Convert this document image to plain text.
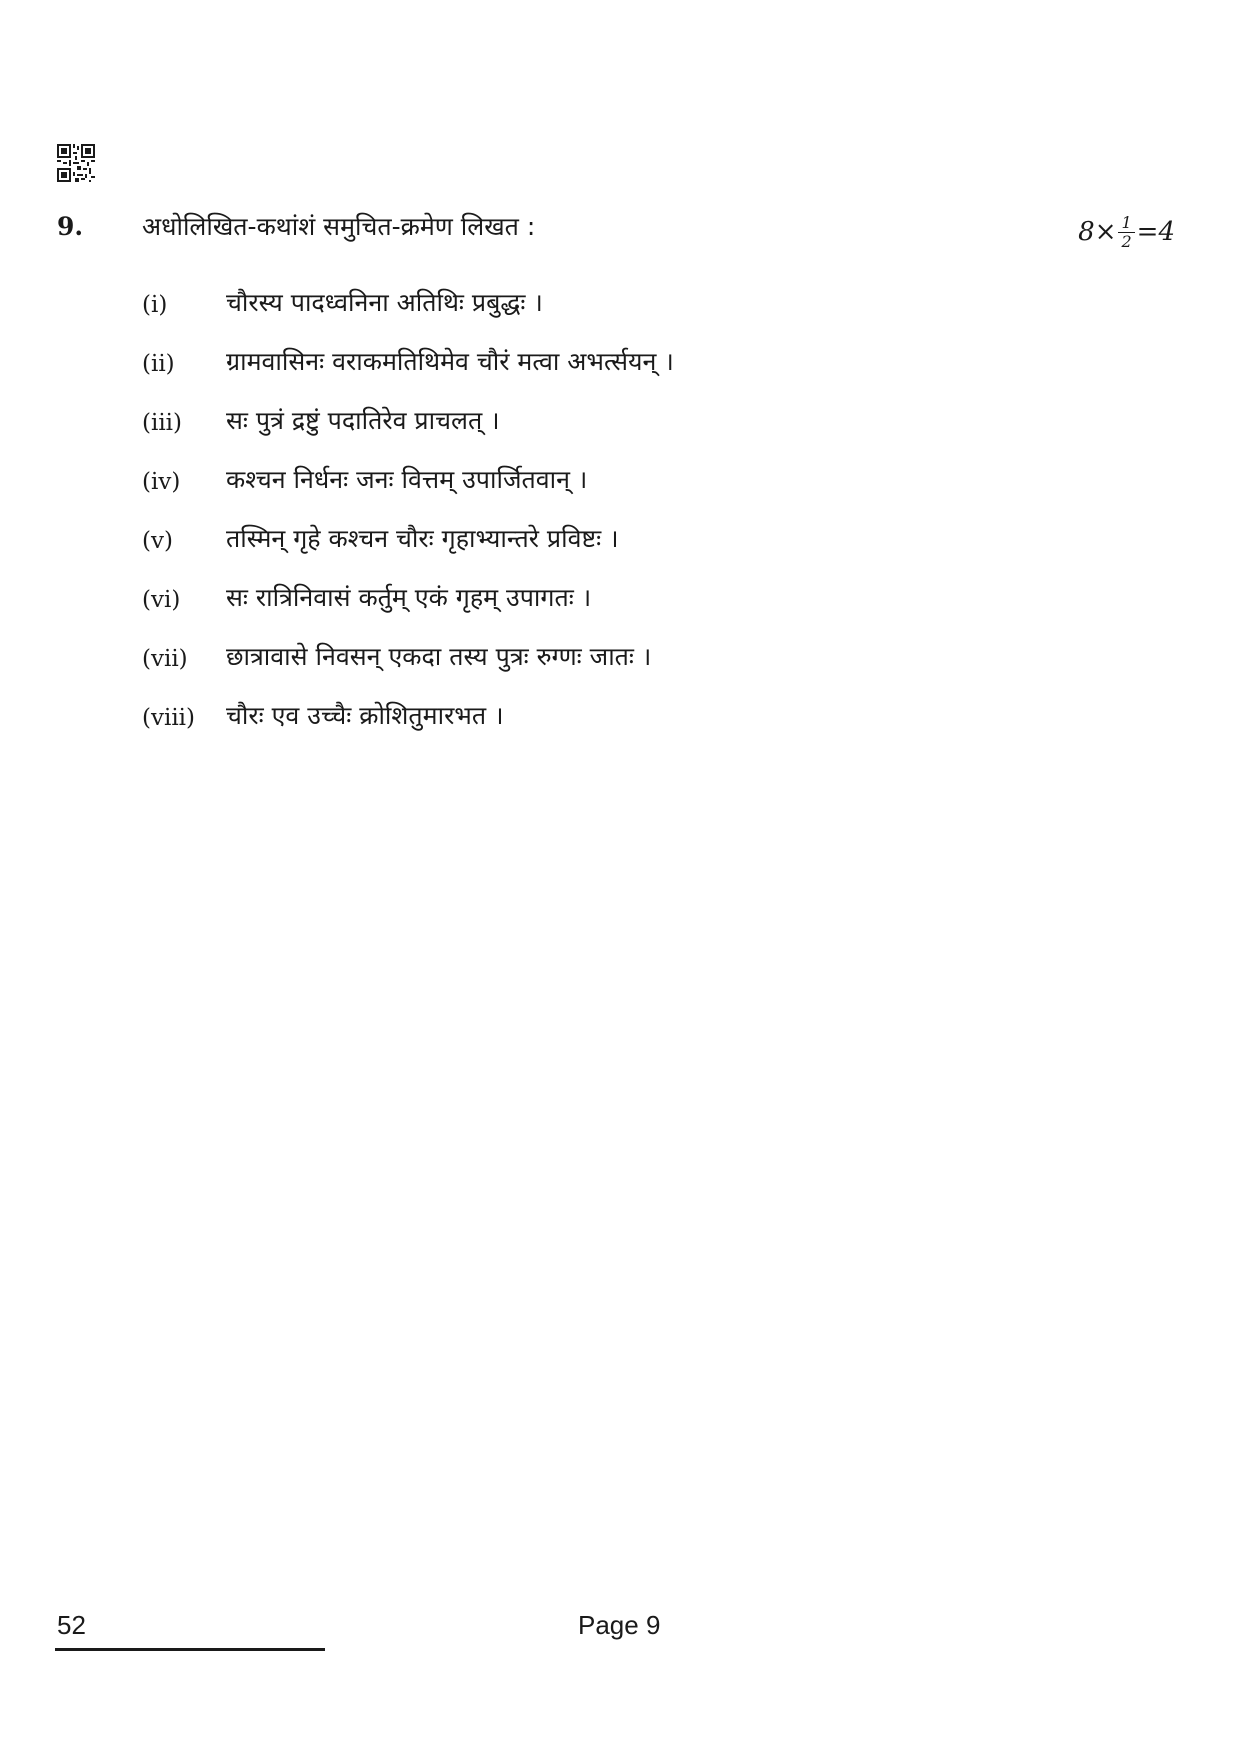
9. अधोलिखित-कथांशं समुचित-क्रमेण लिखत :	$8\times \frac{1}{2} =4$
(i) चौरस्य पादध्वनिना अतिथिः प्रबुद्धः ।
(ii) ग्रामवासिनः वराकमतिथिमेव चौरं मत्वा अभर्त्सयन् ।
(iii) सः पुत्रं द्रष्टुं पदातिरेव प्राचलत् ।
(iv) कश्चन निर्धनः जनः वित्तम् उपार्जितवान् ।
(v) तस्मिन् गृहे कश्चन चौरः गृहाभ्यान्तरे प्रविष्टः ।
(vi) सः रात्रिनिवासं कर्तुम् एकं गृहम् उपागतः ।
(vii) छात्रावासे निवसन् एकदा तस्य पुत्रः रुग्णः जातः ।
(viii) चौरः एव उच्चैः क्रोशितुमारभत ।
52	Page 9
